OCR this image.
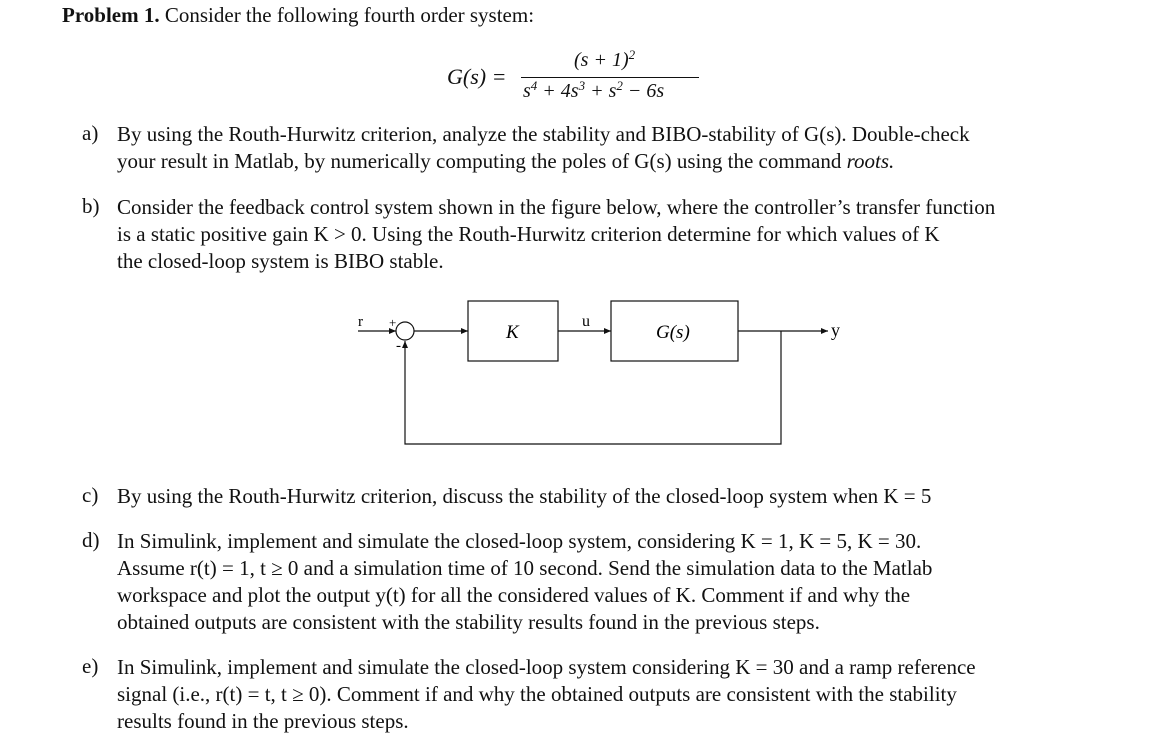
Problem 1. Consider the following fourth order system:
G(s) =
$(s + 1)^2$
$s^4 + 4s^3 + s^2 - 6s$
a) By using the Routh-Hurwitz criterion, analyze the stability and BIBO-stability of G(s). Double-check
your result in Matlab, by numerically computing the poles of G(s) using the command roots.
b) Consider the feedback control system shown in the figure below, where the controller’s transfer function
is a static positive gain K > 0. Using the Routh-Hurwitz criterion determine for which values of K
the closed-loop system is BIBO stable.
r +
-
K
u
G(s)	y
c) By using the Routh-Hurwitz criterion, discuss the stability of the closed-loop system when K = 5
d) In Simulink, implement and simulate the closed-loop system, considering K = 1, K = 5, K = 30.
Assume r(t) = 1, t ≥ 0 and a simulation time of 10 second. Send the simulation data to the Matlab
workspace and plot the output y(t) for all the considered values of K. Comment if and why the
obtained outputs are consistent with the stability results found in the previous steps.
e) In Simulink, implement and simulate the closed-loop system considering K = 30 and a ramp reference
signal (i.e., r(t) = t, t ≥ 0). Comment if and why the obtained outputs are consistent with the stability
results found in the previous steps.
